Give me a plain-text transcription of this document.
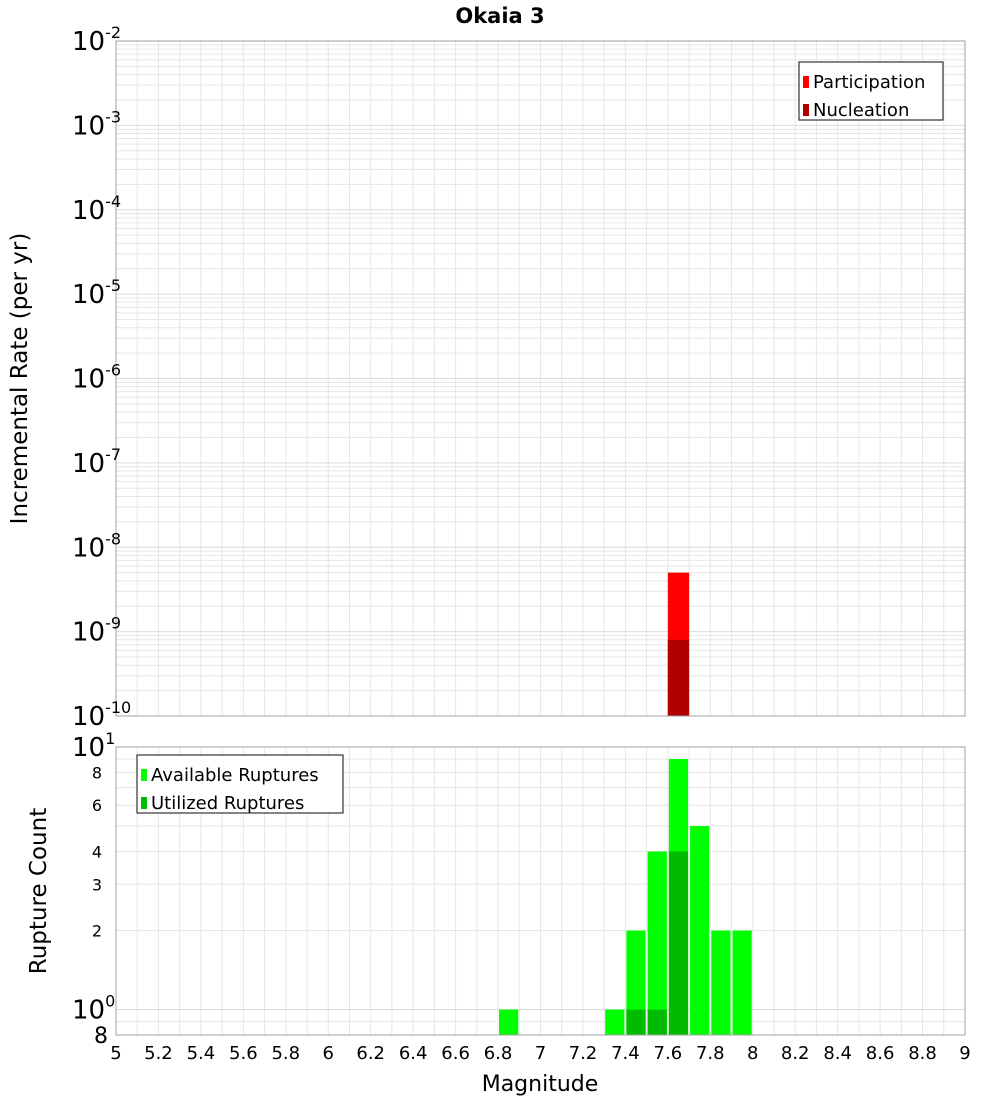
Okaia 3
Magnitude
$10^{-10}$
$10^{-9}$
$10^{-8}$
$10^{-7}$
$10^{-6}$
$10^{-5}$
$10^{-4}$
$10^{-3}$
$10^{-2}$
Incremental Rate (per yr)
Participation
Nucleation
$10^0$
$10^1$
2
3
4
6
8
8
Rupture Count
Available Ruptures
Utilized Ruptures
5 5.2 5.4 5.6 5.8 6 6.2 6.4 6.6 6.8 7 7.2 7.4 7.6 7.8 8 8.2 8.4 8.6 8.8 9
